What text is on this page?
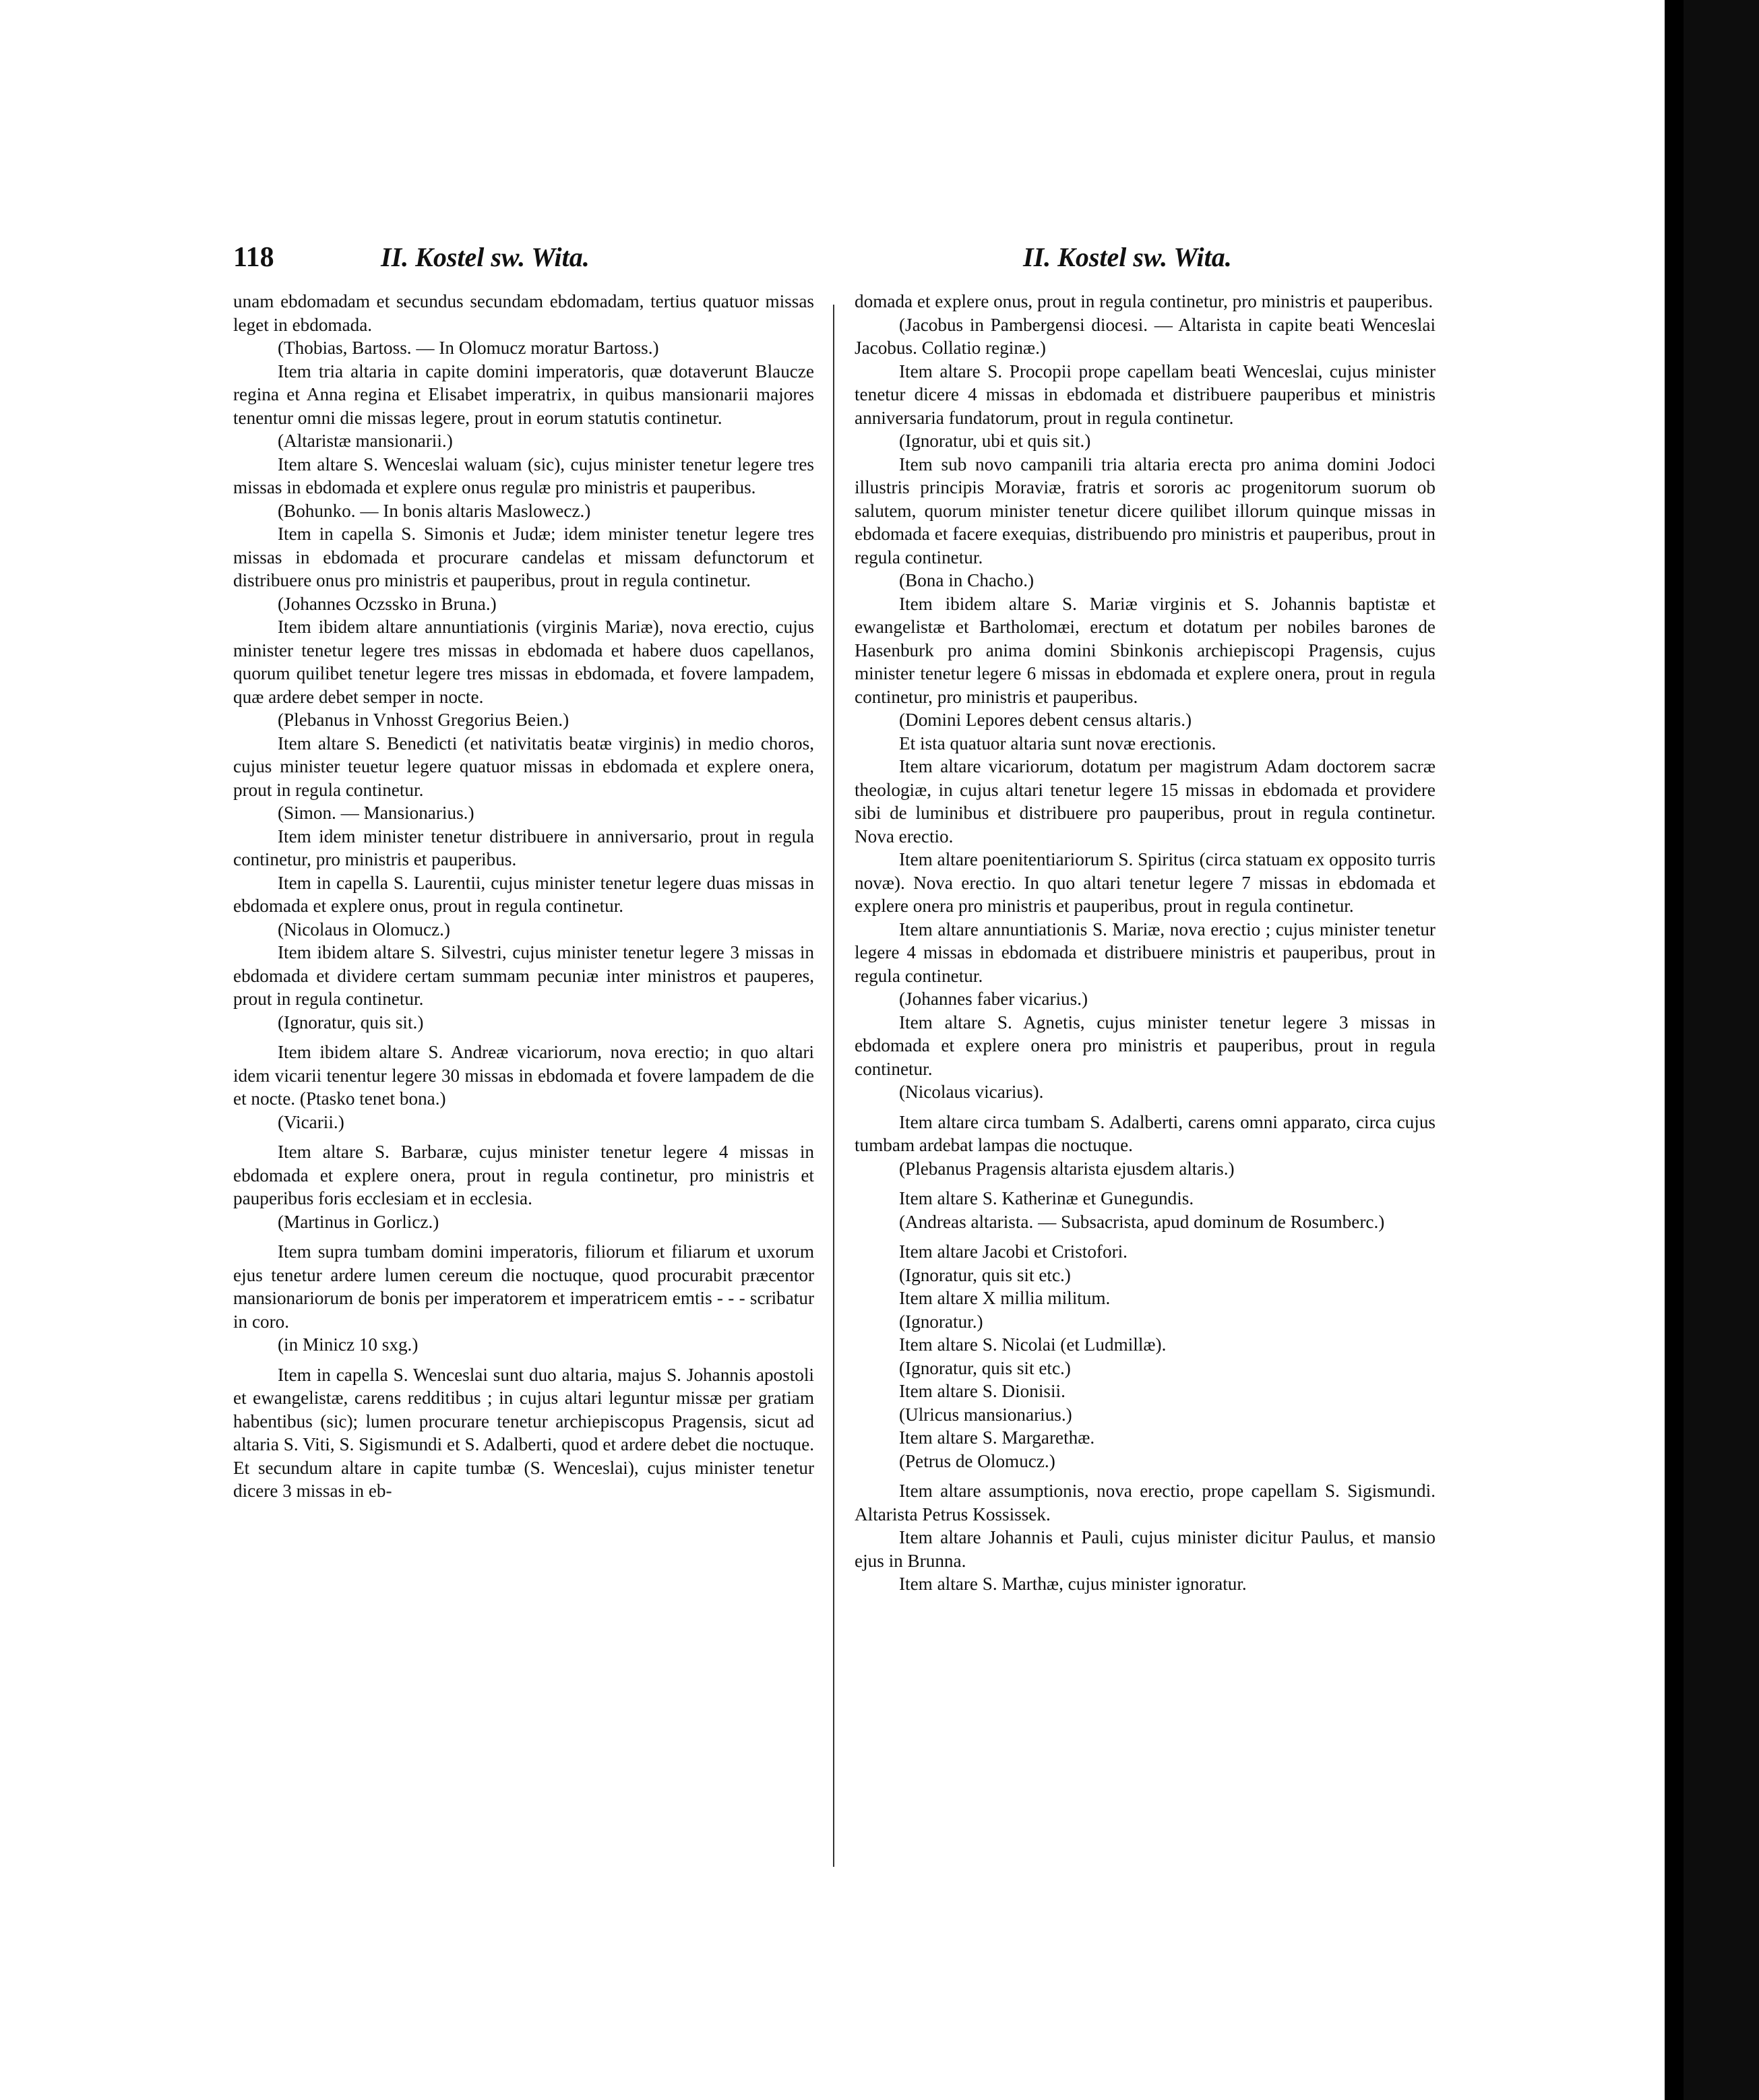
118	II. Kostel sw. Wita.	II. Kostel sw. Wita.

unam ebdomadam et secundus secundam ebdomadam, tertius quatuor missas leget in ebdomada.

(Thobias, Bartoss. — In Olomucz moratur Bartoss.)

Item tria altaria in capite domini imperatoris, quæ dotaverunt Blaucze regina et Anna regina et Elisabet imperatrix, in quibus mansionarii majores tenentur omni die missas legere, prout in eorum statutis continetur.

(Altaristæ mansionarii.)

Item altare S. Wenceslai waluam (sic), cujus minister tenetur legere tres missas in ebdomada et explere onus regulæ pro ministris et pauperibus.

(Bohunko. — In bonis altaris Maslowecz.)

Item in capella S. Simonis et Judæ; idem minister tenetur legere tres missas in ebdomada et procurare candelas et missam defunctorum et distribuere onus pro ministris et pauperibus, prout in regula continetur.

(Johannes Oczssko in Bruna.)

Item ibidem altare annuntiationis (virginis Mariæ), nova erectio, cujus minister tenetur legere tres missas in ebdomada et habere duos capellanos, quorum quilibet tenetur legere tres missas in ebdomada, et fovere lampadem, quæ ardere debet semper in nocte.

(Plebanus in Vnhosst Gregorius Beien.)

Item altare S. Benedicti (et nativitatis beatæ virginis) in medio choros, cujus minister teuetur legere quatuor missas in ebdomada et explere onera, prout in regula continetur.

(Simon. — Mansionarius.)

Item idem minister tenetur distribuere in anniversario, prout in regula continetur, pro ministris et pauperibus.

Item in capella S. Laurentii, cujus minister tenetur legere duas missas in ebdomada et explere onus, prout in regula continetur.

(Nicolaus in Olomucz.)

Item ibidem altare S. Silvestri, cujus minister tenetur legere 3 missas in ebdomada et dividere certam summam pecuniæ inter ministros et pauperes, prout in regula continetur.

(Ignoratur, quis sit.)

Item ibidem altare S. Andreæ vicariorum, nova erectio; in quo altari idem vicarii tenentur legere 30 missas in ebdomada et fovere lampadem de die et nocte. (Ptasko tenet bona.)

(Vicarii.)

Item altare S. Barbaræ, cujus minister tenetur legere 4 missas in ebdomada et explere onera, prout in regula continetur, pro ministris et pauperibus foris ecclesiam et in ecclesia.

(Martinus in Gorlicz.)

Item supra tumbam domini imperatoris, filiorum et filiarum et uxorum ejus tenetur ardere lumen cereum die noctuque, quod procurabit præcentor mansionariorum de bonis per imperatorem et imperatricem emtis - - - scribatur in coro.

(in Minicz 10 sxg.)

Item in capella S. Wenceslai sunt duo altaria, majus S. Johannis apostoli et ewangelistæ, carens redditibus ; in cujus altari leguntur missæ per gratiam habentibus (sic); lumen procurare tenetur archiepiscopus Pragensis, sicut ad altaria S. Viti, S. Sigismundi et S. Adalberti, quod et ardere debet die noctuque. Et secundum altare in capite tumbæ (S. Wenceslai), cujus minister tenetur dicere 3 missas in eb-

domada et explere onus, prout in regula continetur, pro ministris et pauperibus.

(Jacobus in Pambergensi diocesi. — Altarista in capite beati Wenceslai Jacobus. Collatio reginæ.)

Item altare S. Procopii prope capellam beati Wenceslai, cujus minister tenetur dicere 4 missas in ebdomada et distribuere pauperibus et ministris anniversaria fundatorum, prout in regula continetur.

(Ignoratur, ubi et quis sit.)

Item sub novo campanili tria altaria erecta pro anima domini Jodoci illustris principis Moraviæ, fratris et sororis ac progenitorum suorum ob salutem, quorum minister tenetur dicere quilibet illorum quinque missas in ebdomada et facere exequias, distribuendo pro ministris et pauperibus, prout in regula continetur.

(Bona in Chacho.)

Item ibidem altare S. Mariæ virginis et S. Johannis baptistæ et ewangelistæ et Bartholomæi, erectum et dotatum per nobiles barones de Hasenburk pro anima domini Sbinkonis archiepiscopi Pragensis, cujus minister tenetur legere 6 missas in ebdomada et explere onera, prout in regula continetur, pro ministris et pauperibus.

(Domini Lepores debent census altaris.)

Et ista quatuor altaria sunt novæ erectionis.

Item altare vicariorum, dotatum per magistrum Adam doctorem sacræ theologiæ, in cujus altari tenetur legere 15 missas in ebdomada et providere sibi de luminibus et distribuere pro pauperibus, prout in regula continetur. Nova erectio.

Item altare poenitentiariorum S. Spiritus (circa statuam ex opposito turris novæ). Nova erectio. In quo altari tenetur legere 7 missas in ebdomada et explere onera pro ministris et pauperibus, prout in regula continetur.

Item altare annuntiationis S. Mariæ, nova erectio ; cujus minister tenetur legere 4 missas in ebdomada et distribuere ministris et pauperibus, prout in regula continetur.

(Johannes faber vicarius.)

Item altare S. Agnetis, cujus minister tenetur legere 3 missas in ebdomada et explere onera pro ministris et pauperibus, prout in regula continetur.

(Nicolaus vicarius).

Item altare circa tumbam S. Adalberti, carens omni apparato, circa cujus tumbam ardebat lampas die noctuque.

(Plebanus Pragensis altarista ejusdem altaris.)

Item altare S. Katherinæ et Gunegundis.

(Andreas altarista. — Subsacrista, apud dominum de Rosumberc.)

Item altare Jacobi et Cristofori.

(Ignoratur, quis sit etc.)

Item altare X millia militum.

(Ignoratur.)

Item altare S. Nicolai (et Ludmillæ).

(Ignoratur, quis sit etc.)

Item altare S. Dionisii.

(Ulricus mansionarius.)

Item altare S. Margarethæ.

(Petrus de Olomucz.)

Item altare assumptionis, nova erectio, prope capellam S. Sigismundi. Altarista Petrus Kossissek.

Item altare Johannis et Pauli, cujus minister dicitur Paulus, et mansio ejus in Brunna.

Item altare S. Marthæ, cujus minister ignoratur.
